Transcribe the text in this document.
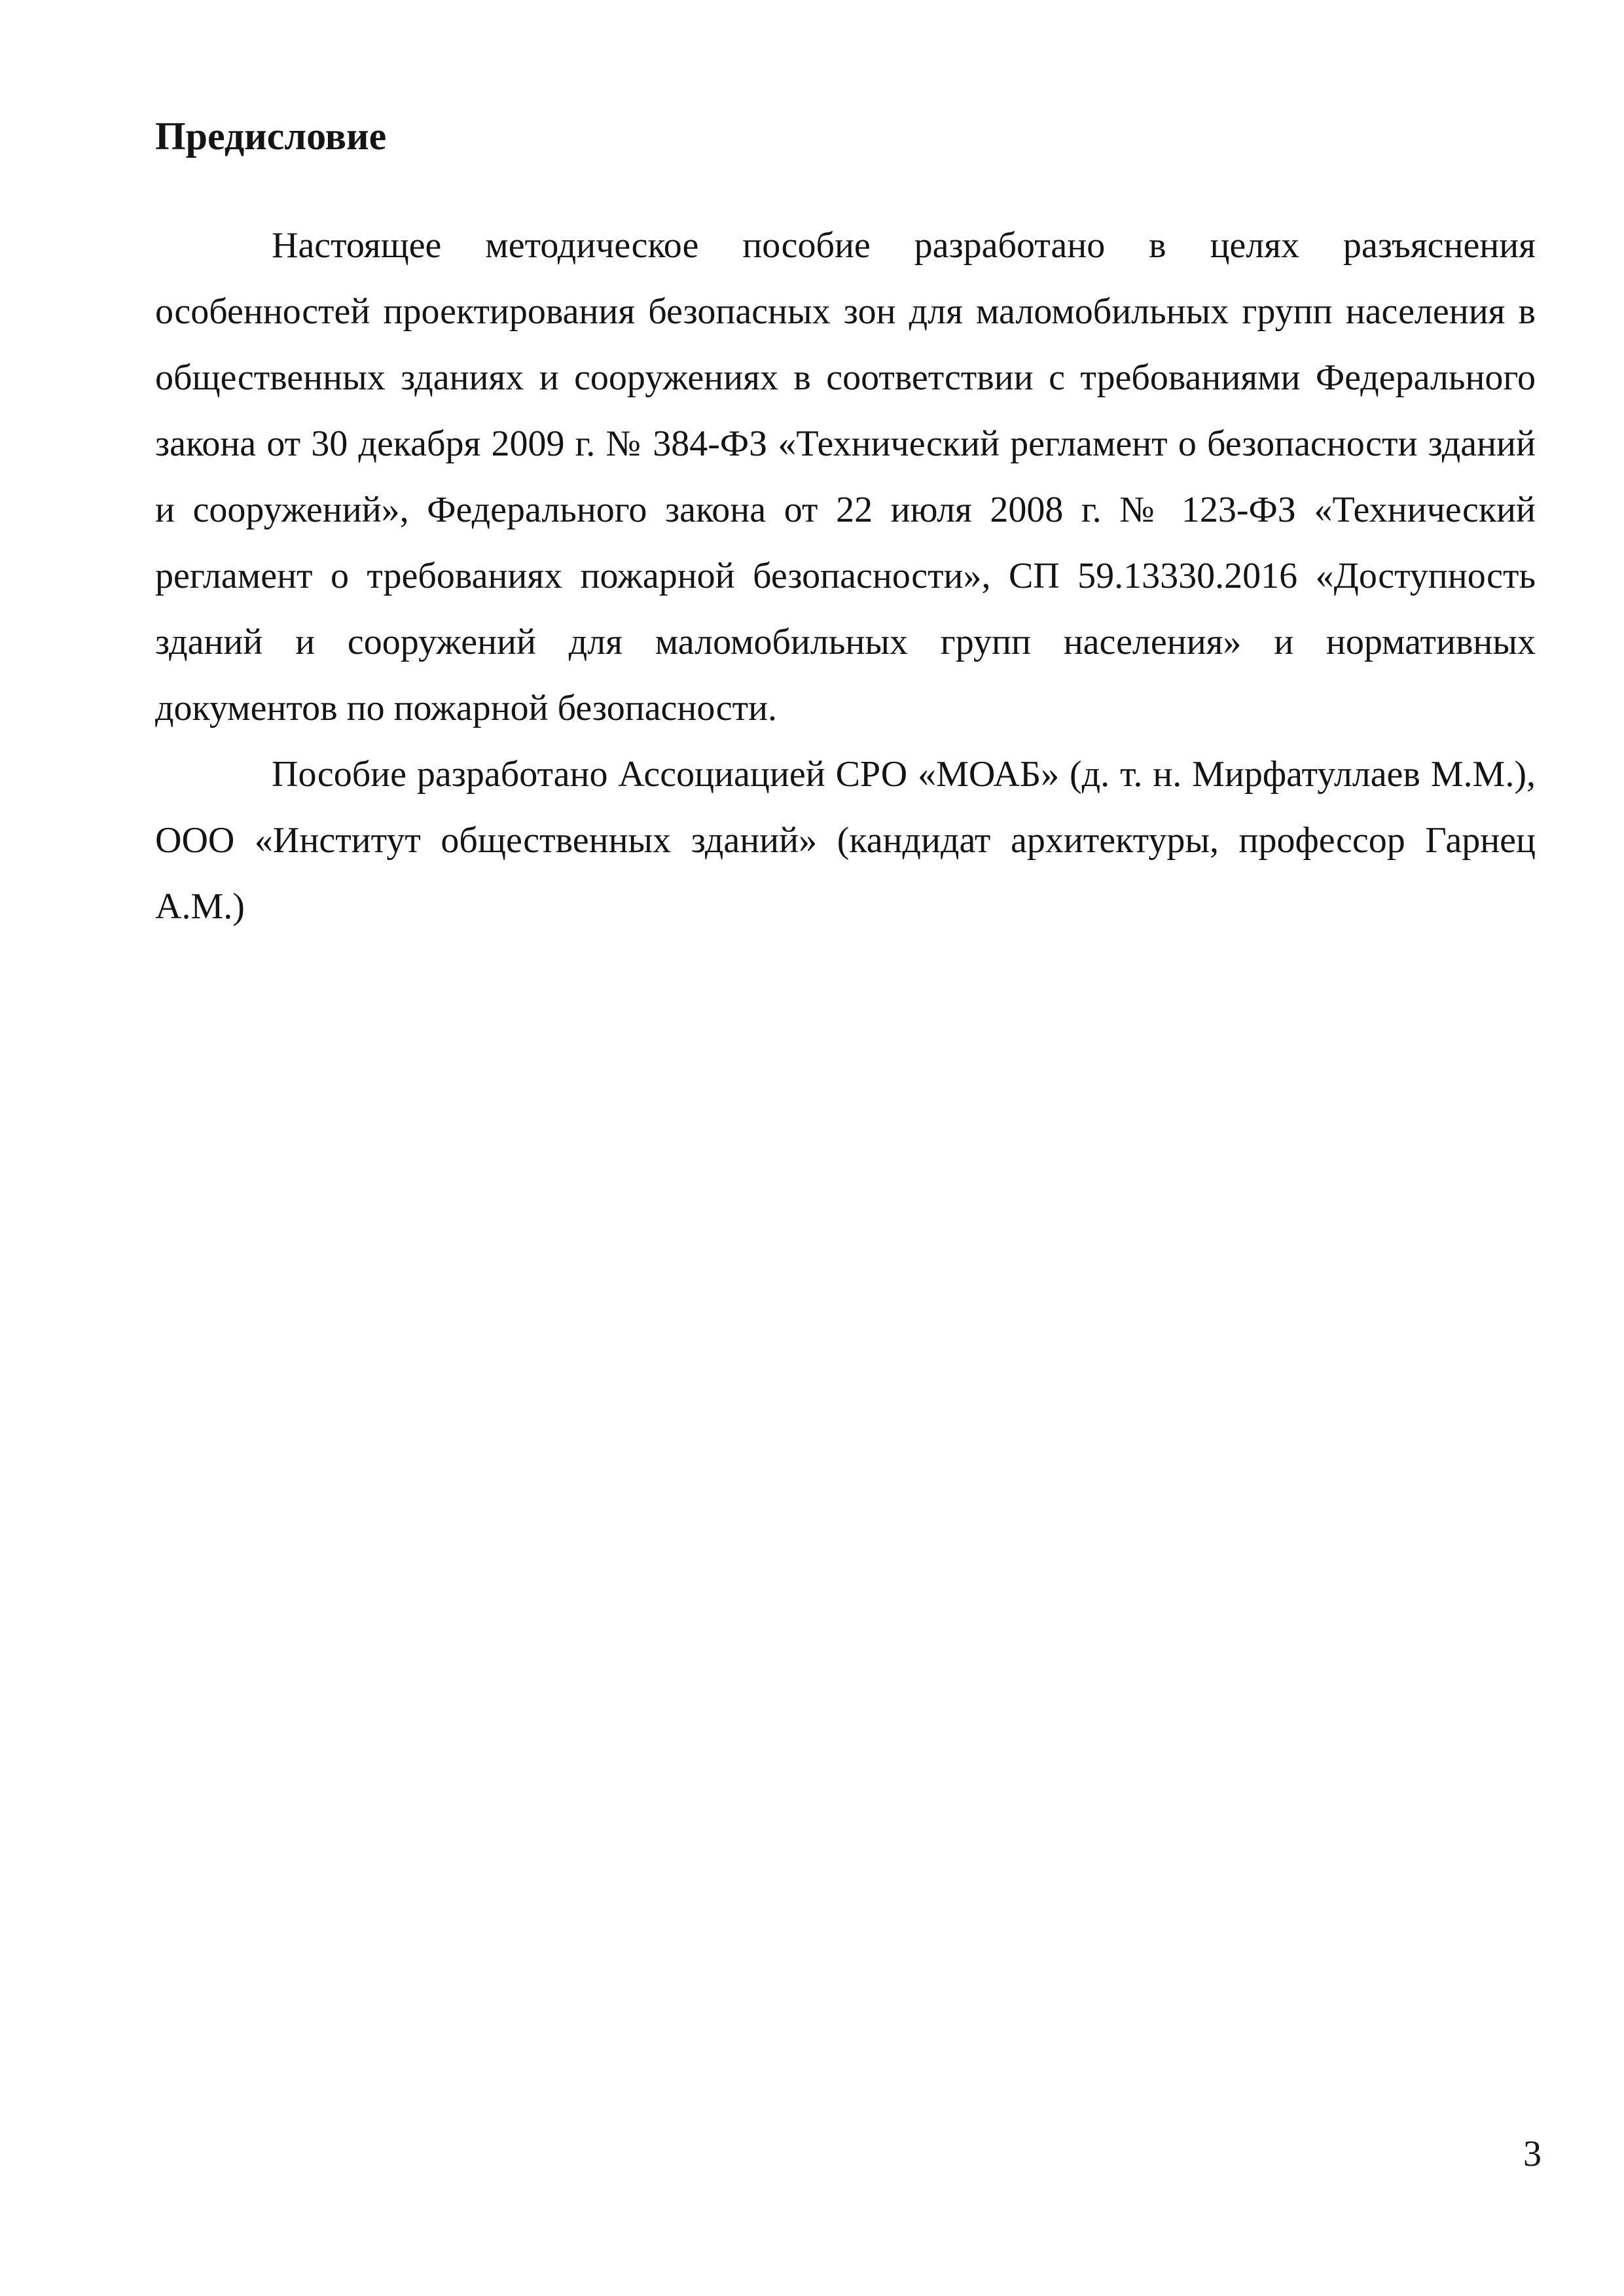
Предисловие

Настоящее методическое пособие разработано в целях разъяснения особенностей проектирования безопасных зон для маломобильных групп населения в общественных зданиях и сооружениях в соответствии с требованиями Федерального закона от 30 декабря 2009 г. № 384-ФЗ «Технический регламент о безопасности зданий и сооружений», Федерального закона от 22 июля 2008 г. № 123-ФЗ «Технический регламент о требованиях пожарной безопасности», СП 59.13330.2016 «Доступность зданий и сооружений для маломобильных групп населения» и нормативных документов по пожарной безопасности.

Пособие разработано Ассоциацией СРО «МОАБ» (д. т. н. Мирфатуллаев М.М.), ООО «Институт общественных зданий» (кандидат архитектуры, профессор Гарнец А.М.)

3
